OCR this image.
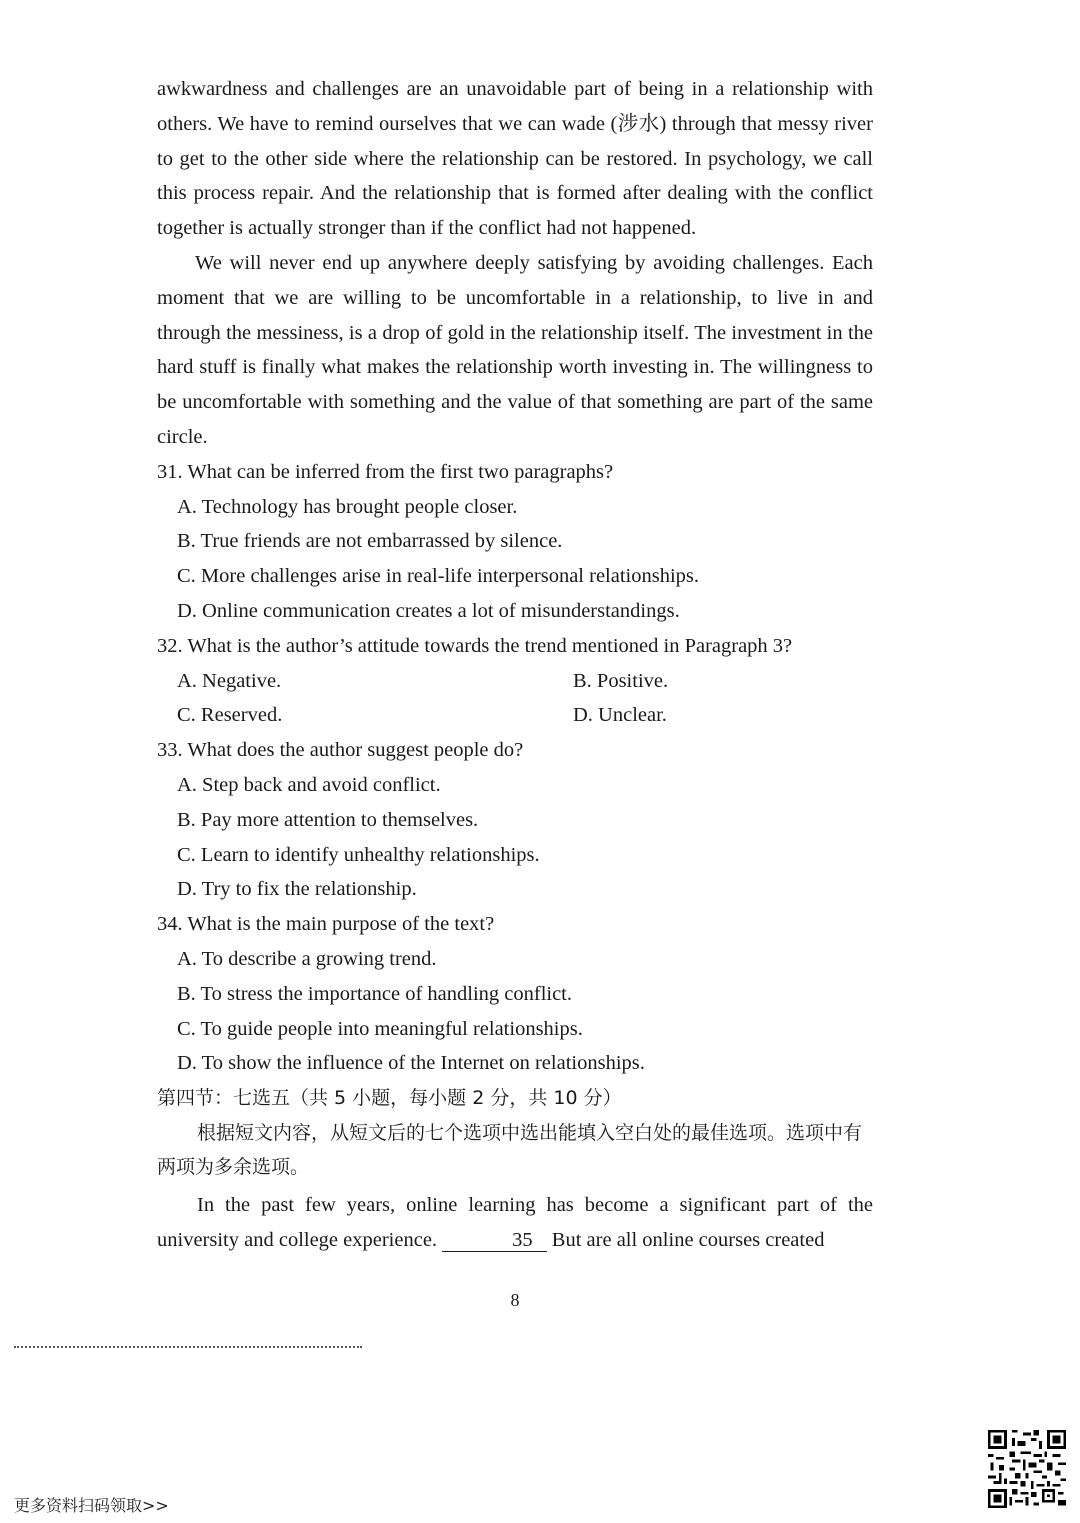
awkwardness and challenges are an unavoidable part of being in a relationship with others. We have to remind ourselves that we can wade (涉水) through that messy river to get to the other side where the relationship can be restored. In psychology, we call this process repair. And the relationship that is formed after dealing with the conflict together is actually stronger than if the conflict had not happened.

We will never end up anywhere deeply satisfying by avoiding challenges. Each moment that we are willing to be uncomfortable in a relationship, to live in and through the messiness, is a drop of gold in the relationship itself. The investment in the hard stuff is finally what makes the relationship worth investing in. The willingness to be uncomfortable with something and the value of that something are part of the same circle.

31. What can be inferred from the first two paragraphs?

A. Technology has brought people closer.

B. True friends are not embarrassed by silence.

C. More challenges arise in real-life interpersonal relationships.

D. Online communication creates a lot of misunderstandings.

32. What is the author’s attitude towards the trend mentioned in Paragraph 3?

A. Negative.	B. Positive.
C. Reserved.	D. Unclear.

33. What does the author suggest people do?

A. Step back and avoid conflict.

B. Pay more attention to themselves.

C. Learn to identify unhealthy relationships.

D. Try to fix the relationship.

34. What is the main purpose of the text?

A. To describe a growing trend.

B. To stress the importance of handling conflict.

C. To guide people into meaningful relationships.

D. To show the influence of the Internet on relationships.

第四节：七选五（共 5 小题，每小题 2 分，共 10 分）

根据短文内容，从短文后的七个选项中选出能填入空白处的最佳选项。选项中有两项为多余选项。

In the past few years, online learning has become a significant part of the university and college experience.	35 But are all online courses created

8
更多资料扫码领取>>
